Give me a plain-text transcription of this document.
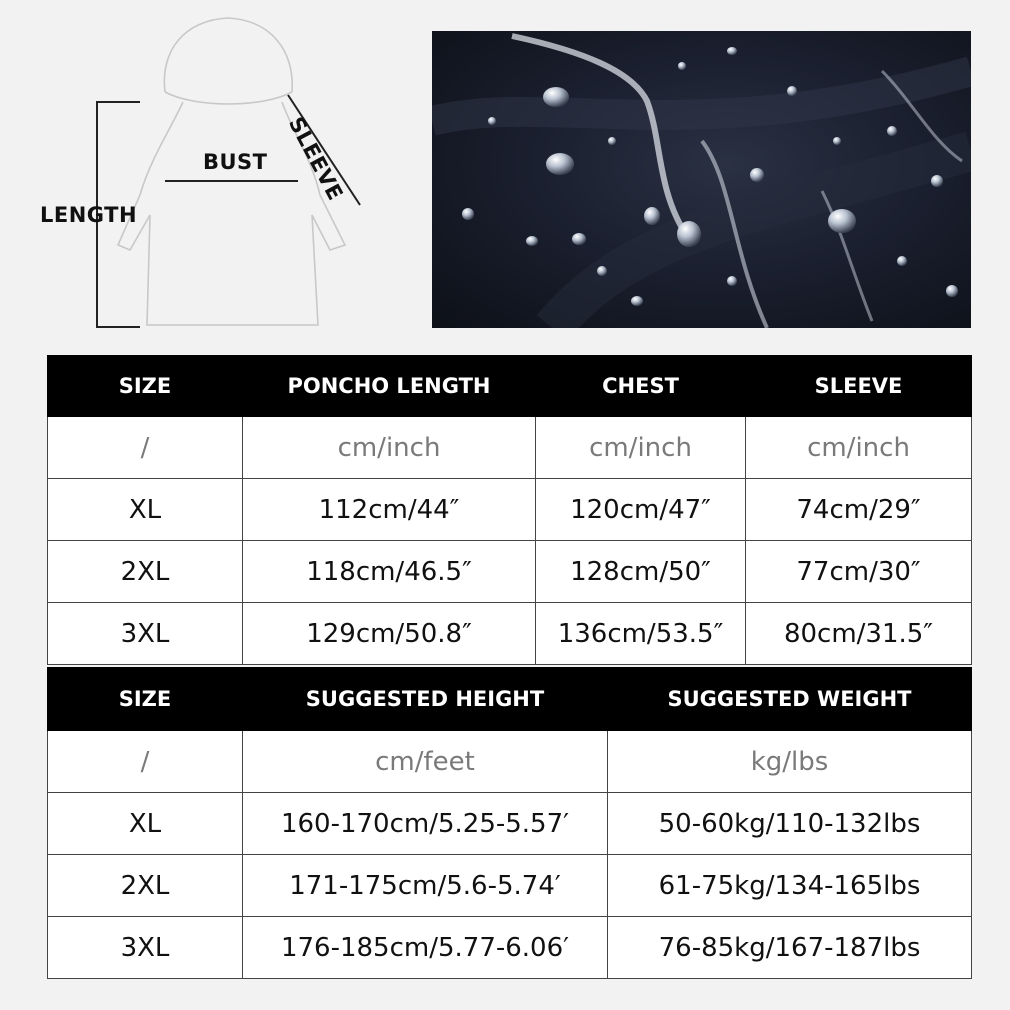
BUST
LENGTH
SLEEVE
SIZE	PONCHO LENGTH	CHEST	SLEEVE
/	cm/inch	cm/inch	cm/inch
XL	112cm/44″	120cm/47″	74cm/29″
2XL	118cm/46.5″	128cm/50″	77cm/30″
3XL	129cm/50.8″	136cm/53.5″	80cm/31.5″
SIZE	SUGGESTED HEIGHT	SUGGESTED WEIGHT
/	cm/feet	kg/lbs
XL	160-170cm/5.25-5.57′	50-60kg/110-132lbs
2XL	171-175cm/5.6-5.74′	61-75kg/134-165lbs
3XL	176-185cm/5.77-6.06′	76-85kg/167-187lbs
